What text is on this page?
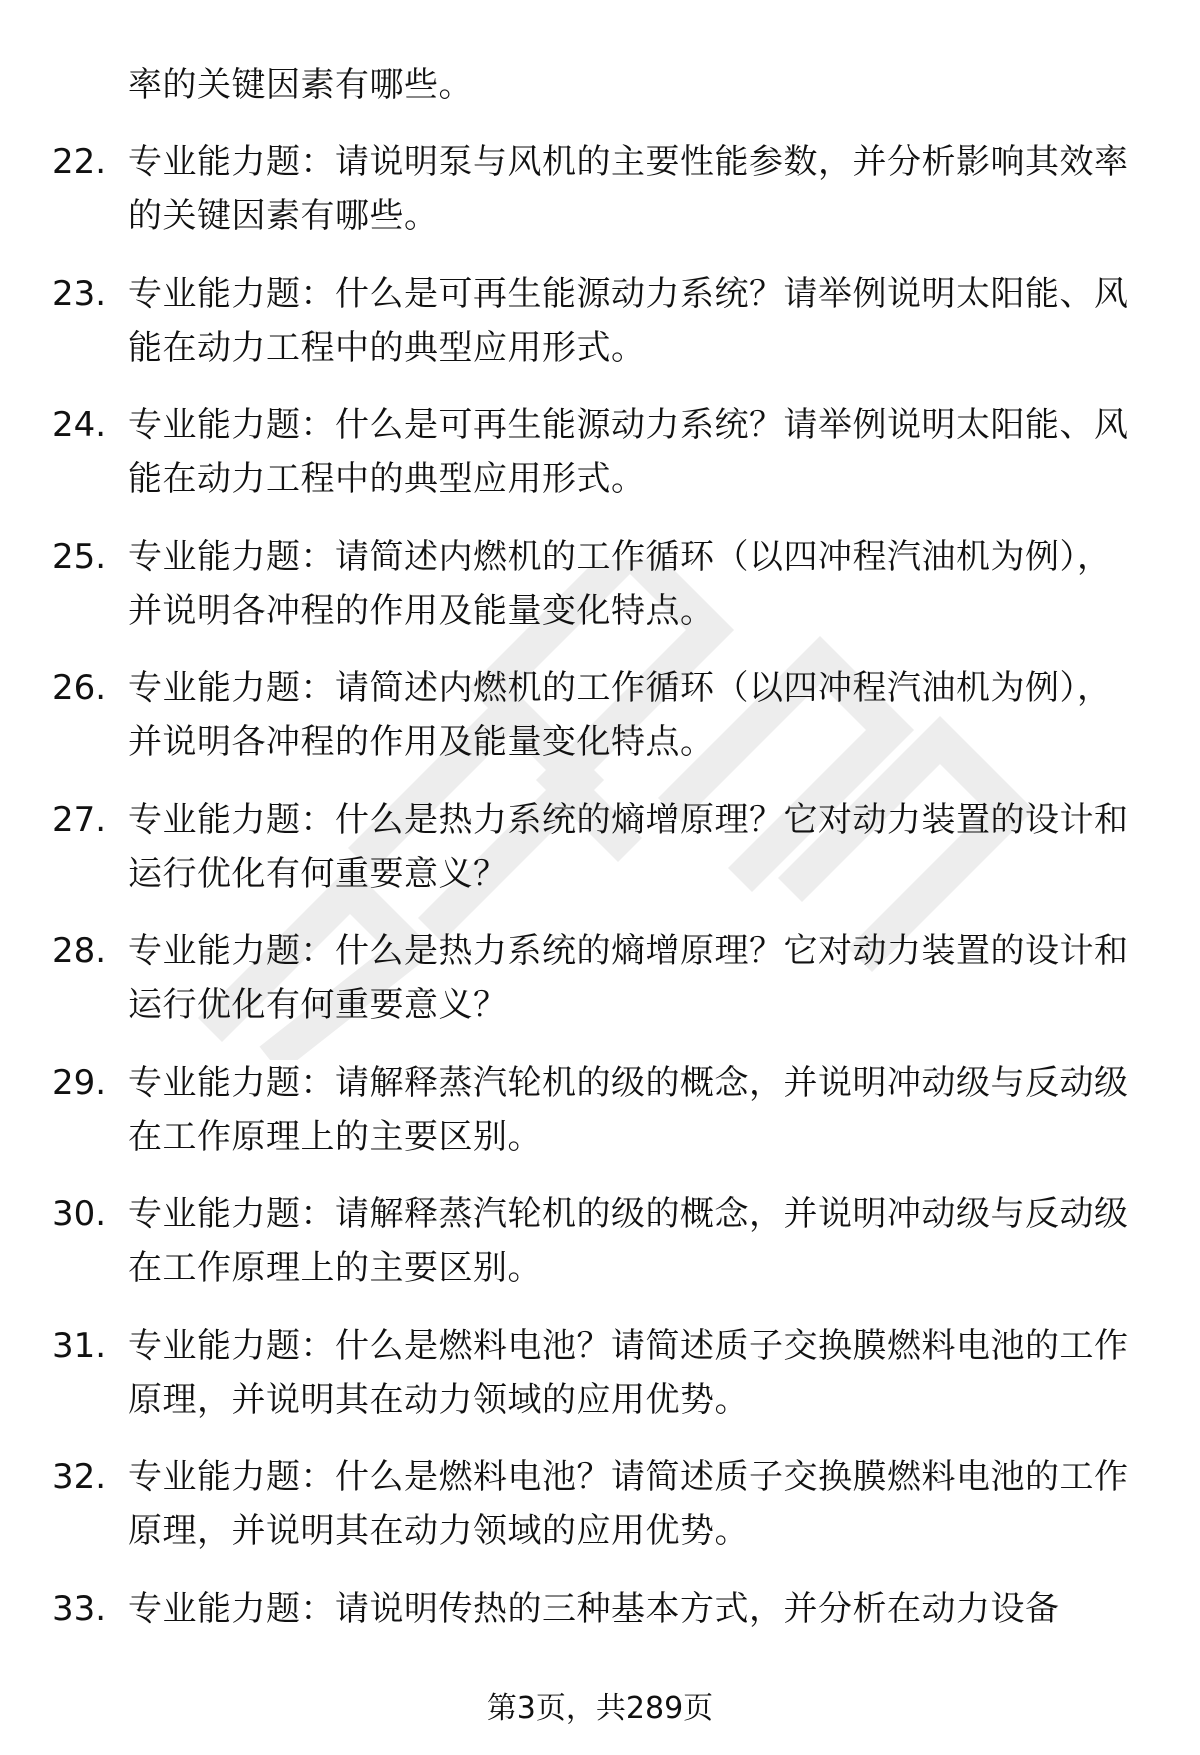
率的关键因素有哪些。
22. 专业能力题：请说明泵与风机的主要性能参数，并分析影响其效率的关键因素有哪些。
23. 专业能力题：什么是可再生能源动力系统？请举例说明太阳能、风能在动力工程中的典型应用形式。
24. 专业能力题：什么是可再生能源动力系统？请举例说明太阳能、风能在动力工程中的典型应用形式。
25. 专业能力题：请简述内燃机的工作循环（以四冲程汽油机为例），并说明各冲程的作用及能量变化特点。
26. 专业能力题：请简述内燃机的工作循环（以四冲程汽油机为例），并说明各冲程的作用及能量变化特点。
27. 专业能力题：什么是热力系统的熵增原理？它对动力装置的设计和运行优化有何重要意义？
28. 专业能力题：什么是热力系统的熵增原理？它对动力装置的设计和运行优化有何重要意义？
29. 专业能力题：请解释蒸汽轮机的级的概念，并说明冲动级与反动级在工作原理上的主要区别。
30. 专业能力题：请解释蒸汽轮机的级的概念，并说明冲动级与反动级在工作原理上的主要区别。
31. 专业能力题：什么是燃料电池？请简述质子交换膜燃料电池的工作原理，并说明其在动力领域的应用优势。
32. 专业能力题：什么是燃料电池？请简述质子交换膜燃料电池的工作原理，并说明其在动力领域的应用优势。
33. 专业能力题：请说明传热的三种基本方式，并分析在动力设备
第3页，共289页
